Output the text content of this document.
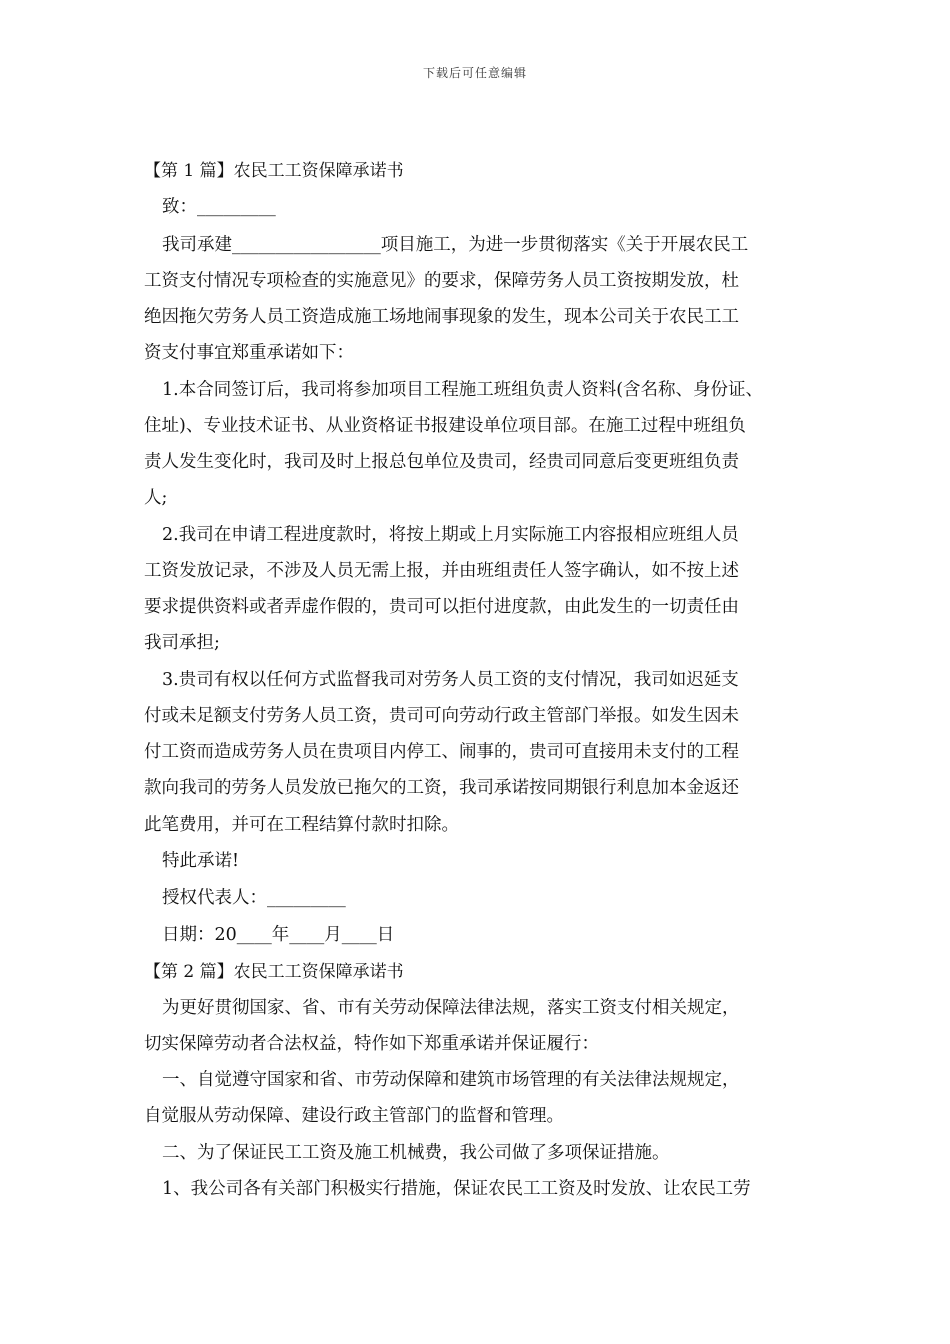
下载后可任意编辑
【第 1 篇】农民工工资保障承诺书
致：_________
我司承建_________________项目施工，为进一步贯彻落实《关于开展农民工
工资支付情况专项检查的实施意见》的要求，保障劳务人员工资按期发放，杜
绝因拖欠劳务人员工资造成施工场地闹事现象的发生，现本公司关于农民工工
资支付事宜郑重承诺如下：
1.本合同签订后，我司将参加项目工程施工班组负责人资料(含名称、身份证、
住址)、专业技术证书、从业资格证书报建设单位项目部。在施工过程中班组负
责人发生变化时，我司及时上报总包单位及贵司，经贵司同意后变更班组负责
人;
2.我司在申请工程进度款时，将按上期或上月实际施工内容报相应班组人员
工资发放记录，不涉及人员无需上报，并由班组责任人签字确认，如不按上述
要求提供资料或者弄虚作假的，贵司可以拒付进度款，由此发生的一切责任由
我司承担;
3.贵司有权以任何方式监督我司对劳务人员工资的支付情况，我司如迟延支
付或未足额支付劳务人员工资，贵司可向劳动行政主管部门举报。如发生因未
付工资而造成劳务人员在贵项目内停工、闹事的，贵司可直接用未支付的工程
款向我司的劳务人员发放已拖欠的工资，我司承诺按同期银行利息加本金返还
此笔费用，并可在工程结算付款时扣除。
特此承诺!
授权代表人：_________
日期：20____年____月____日
【第 2 篇】农民工工资保障承诺书
为更好贯彻国家、省、市有关劳动保障法律法规，落实工资支付相关规定，
切实保障劳动者合法权益，特作如下郑重承诺并保证履行：
一、自觉遵守国家和省、市劳动保障和建筑市场管理的有关法律法规规定，
自觉服从劳动保障、建设行政主管部门的监督和管理。
二、为了保证民工工资及施工机械费，我公司做了多项保证措施。
1、我公司各有关部门积极实行措施，保证农民工工资及时发放、让农民工劳
